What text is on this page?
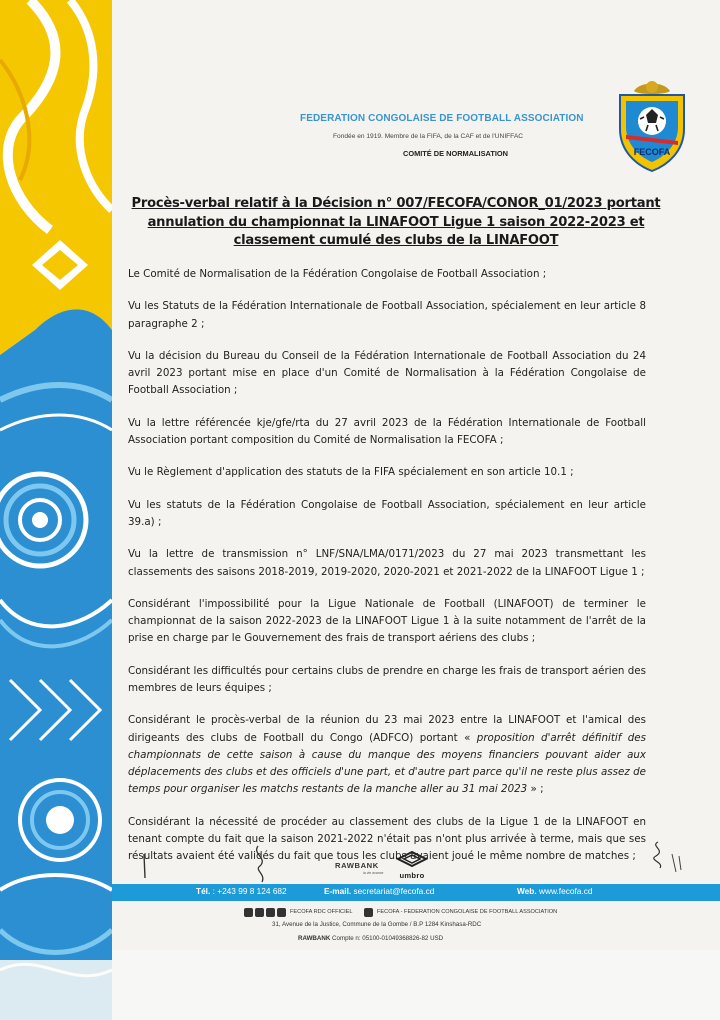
FEDERATION CONGOLAISE DE FOOTBALL ASSOCIATION
Fondée en 1919. Membre de la FIFA, de la CAF et de l'UNIFFAC
COMITÉ DE NORMALISATION	FECOFA
Procès-verbal relatif à la Décision n° 007/FECOFA/CONOR_01/2023 portant
annulation du championnat la LINAFOOT Ligue 1 saison 2022-2023 et
classement cumulé des clubs de la LINAFOOT

Le Comité de Normalisation de la Fédération Congolaise de Football Association ;

Vu les Statuts de la Fédération Internationale de Football Association, spécialement en leur article 8 paragraphe 2 ;

Vu la décision du Bureau du Conseil de la Fédération Internationale de Football Association du 24 avril 2023 portant mise en place d'un Comité de Normalisation à la Fédération Congolaise de Football Association ;

Vu la lettre référencée kje/gfe/rta du 27 avril 2023 de la Fédération Internationale de Football Association portant composition du Comité de Normalisation la FECOFA ;

Vu le Règlement d'application des statuts de la FIFA spécialement en son article 10.1 ;

Vu les statuts de la Fédération Congolaise de Football Association, spécialement en leur article 39.a) ;

Vu la lettre de transmission n° LNF/SNA/LMA/0171/2023 du 27 mai 2023 transmettant les classements des saisons 2018-2019, 2019-2020, 2020-2021 et 2021-2022 de la LINAFOOT Ligue 1 ;

Considérant l'impossibilité pour la Ligue Nationale de Football (LINAFOOT) de terminer le championnat de la saison 2022-2023 de la LINAFOOT Ligue 1 à la suite notamment de l'arrêt de la prise en charge par le Gouvernement des frais de transport aériens des clubs ;

Considérant les difficultés pour certains clubs de prendre en charge les frais de transport aérien des membres de leurs équipes ;

Considérant le procès-verbal de la réunion du 23 mai 2023 entre la LINAFOOT et l'amical des dirigeants des clubs de Football du Congo (ADFCO) portant « proposition d'arrêt définitif des championnats de cette saison à cause du manque des moyens financiers pouvant aider aux déplacements des clubs et des officiels d'une part, et d'autre part parce qu'il ne reste plus assez de temps pour organiser les matchs restants de la manche aller au 31 mai 2023 » ;

Considérant la nécessité de procéder au classement des clubs de la Ligue 1 de la LINAFOOT en tenant compte du fait que la saison 2021-2022 n'était pas n'ont plus arrivée à terme, mais que ses résultats avaient été validés du fait que tous les clubs avaient joué le même nombre de matches ;

RAWBANK
la vie avance	umbro
Tél. : +243 99 8 124 682	E-mail. secretariat@fecofa.cd	Web. www.fecofa.cd
FECOFA RDC OFFICIEL	FECOFA - FEDERATION CONGOLAISE DE FOOTBALL ASSOCIATION
31, Avenue de la Justice, Commune de la Gombe / B.P 1284 Kinshasa-RDC
RAWBANK Compte n: 05100-01049368826-82 USD
